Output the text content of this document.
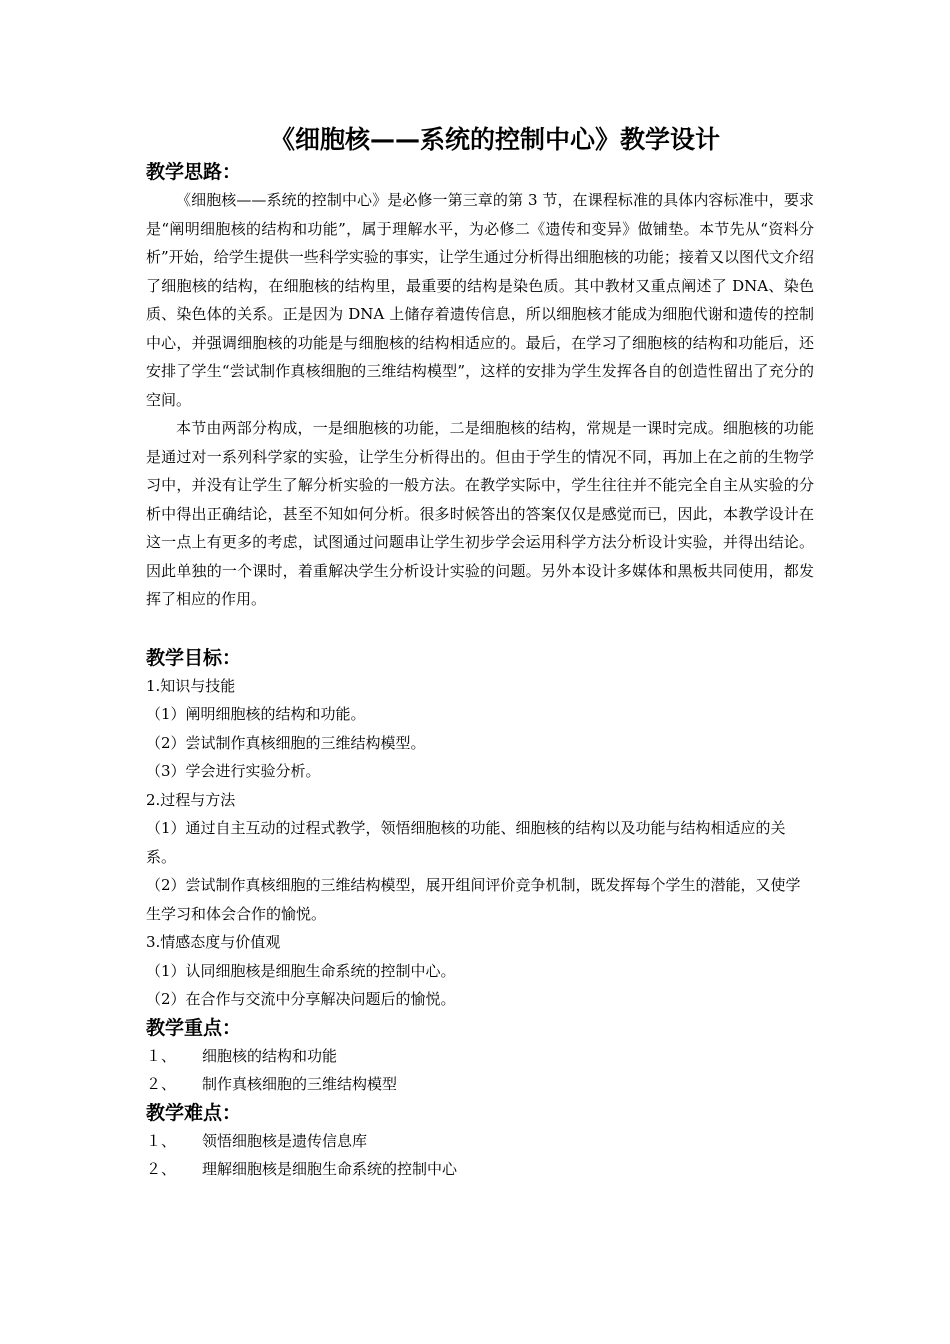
《细胞核——系统的控制中心》教学设计
教学思路：

《细胞核——系统的控制中心》是必修一第三章的第 3 节，在课程标准的具体内容标准中，要求是“阐明细胞核的结构和功能”，属于理解水平，为必修二《遗传和变异》做铺垫。本节先从“资料分析”开始，给学生提供一些科学实验的事实，让学生通过分析得出细胞核的功能；接着又以图代文介绍了细胞核的结构，在细胞核的结构里，最重要的结构是染色质。其中教材又重点阐述了 DNA、染色质、染色体的关系。正是因为 DNA 上储存着遗传信息，所以细胞核才能成为细胞代谢和遗传的控制中心，并强调细胞核的功能是与细胞核的结构相适应的。最后，在学习了细胞核的结构和功能后，还安排了学生“尝试制作真核细胞的三维结构模型”，这样的安排为学生发挥各自的创造性留出了充分的空间。

本节由两部分构成，一是细胞核的功能，二是细胞核的结构，常规是一课时完成。细胞核的功能是通过对一系列科学家的实验，让学生分析得出的。但由于学生的情况不同，再加上在之前的生物学习中，并没有让学生了解分析实验的一般方法。在教学实际中，学生往往并不能完全自主从实验的分析中得出正确结论，甚至不知如何分析。很多时候答出的答案仅仅是感觉而已，因此，本教学设计在这一点上有更多的考虑，试图通过问题串让学生初步学会运用科学方法分析设计实验，并得出结论。因此单独的一个课时，着重解决学生分析设计实验的问题。另外本设计多媒体和黑板共同使用，都发挥了相应的作用。

教学目标：

1.知识与技能

（1）阐明细胞核的结构和功能。

（2）尝试制作真核细胞的三维结构模型。

（3）学会进行实验分析。

2.过程与方法

（1）通过自主互动的过程式教学，领悟细胞核的功能、细胞核的结构以及功能与结构相适应的关系。

（2）尝试制作真核细胞的三维结构模型，展开组间评价竞争机制，既发挥每个学生的潜能，又使学生学习和体会合作的愉悦。

3.情感态度与价值观

（1）认同细胞核是细胞生命系统的控制中心。

（2）在合作与交流中分享解决问题后的愉悦。

教学重点：

１、 细胞核的结构和功能

２、 制作真核细胞的三维结构模型

教学难点：

１、 领悟细胞核是遗传信息库

２、 理解细胞核是细胞生命系统的控制中心
